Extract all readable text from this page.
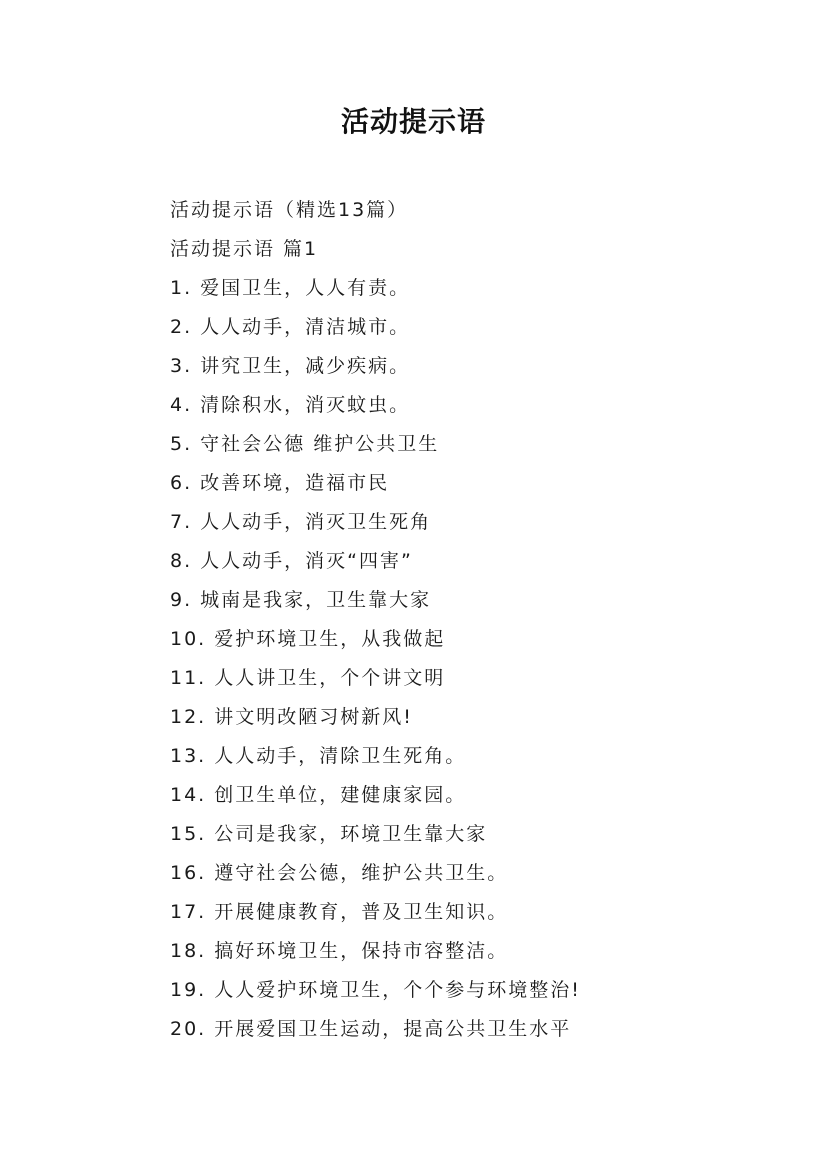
活动提示语
活动提示语（精选13篇）
活动提示语 篇1
1. 爱国卫生，人人有责。
2. 人人动手，清洁城市。
3. 讲究卫生，减少疾病。
4. 清除积水，消灭蚊虫。
5. 守社会公德 维护公共卫生
6. 改善环境，造福市民
7. 人人动手，消灭卫生死角
8. 人人动手，消灭“四害”
9. 城南是我家，卫生靠大家
10. 爱护环境卫生，从我做起
11. 人人讲卫生，个个讲文明
12. 讲文明改陋习树新风!
13. 人人动手，清除卫生死角。
14. 创卫生单位，建健康家园。
15. 公司是我家，环境卫生靠大家
16. 遵守社会公德，维护公共卫生。
17. 开展健康教育，普及卫生知识。
18. 搞好环境卫生，保持市容整洁。
19. 人人爱护环境卫生，个个参与环境整治!
20. 开展爱国卫生运动，提高公共卫生水平
